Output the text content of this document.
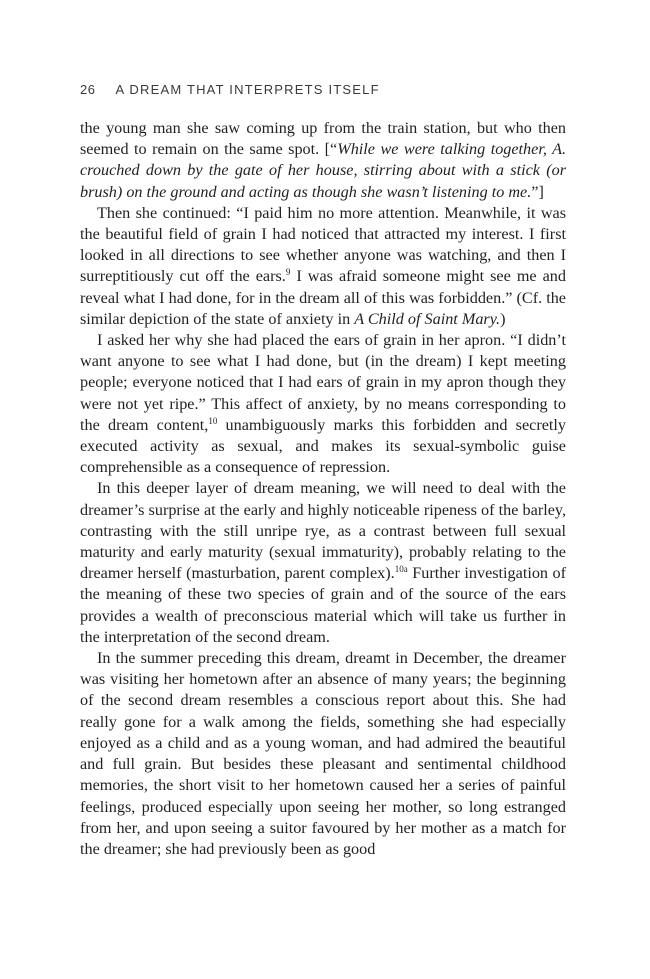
26 A DREAM THAT INTERPRETS ITSELF

the young man she saw coming up from the train station, but who then seemed to remain on the same spot. [“While we were talking together, A. crouched down by the gate of her house, stirring about with a stick (or brush) on the ground and acting as though she wasn’t listening to me.”]

Then she continued: “I paid him no more attention. Meanwhile, it was the beautiful field of grain I had noticed that attracted my interest. I first looked in all directions to see whether anyone was watching, and then I surreptitiously cut off the ears.$^9$ I was afraid someone might see me and reveal what I had done, for in the dream all of this was forbidden.” (Cf. the similar depiction of the state of anxiety in A Child of Saint Mary.)

I asked her why she had placed the ears of grain in her apron. “I didn’t want anyone to see what I had done, but (in the dream) I kept meeting people; everyone noticed that I had ears of grain in my apron though they were not yet ripe.” This affect of anxiety, by no means corresponding to the dream content,$^{10}$ unambiguously marks this forbidden and secretly executed activity as sexual, and makes its sexual-symbolic guise comprehensible as a consequence of repression.

In this deeper layer of dream meaning, we will need to deal with the dreamer’s surprise at the early and highly noticeable ripeness of the barley, contrasting with the still unripe rye, as a contrast between full sexual maturity and early maturity (sexual immaturity), probably relating to the dreamer herself (masturbation, parent complex).$^{10a}$ Further investigation of the meaning of these two species of grain and of the source of the ears provides a wealth of preconscious material which will take us further in the interpretation of the second dream.

In the summer preceding this dream, dreamt in December, the dreamer was visiting her hometown after an absence of many years; the beginning of the second dream resembles a conscious report about this. She had really gone for a walk among the fields, something she had especially enjoyed as a child and as a young woman, and had admired the beautiful and full grain. But besides these pleasant and sentimental childhood memories, the short visit to her hometown caused her a series of painful feelings, produced especially upon seeing her mother, so long estranged from her, and upon seeing a suitor favoured by her mother as a match for the dreamer; she had previously been as good
